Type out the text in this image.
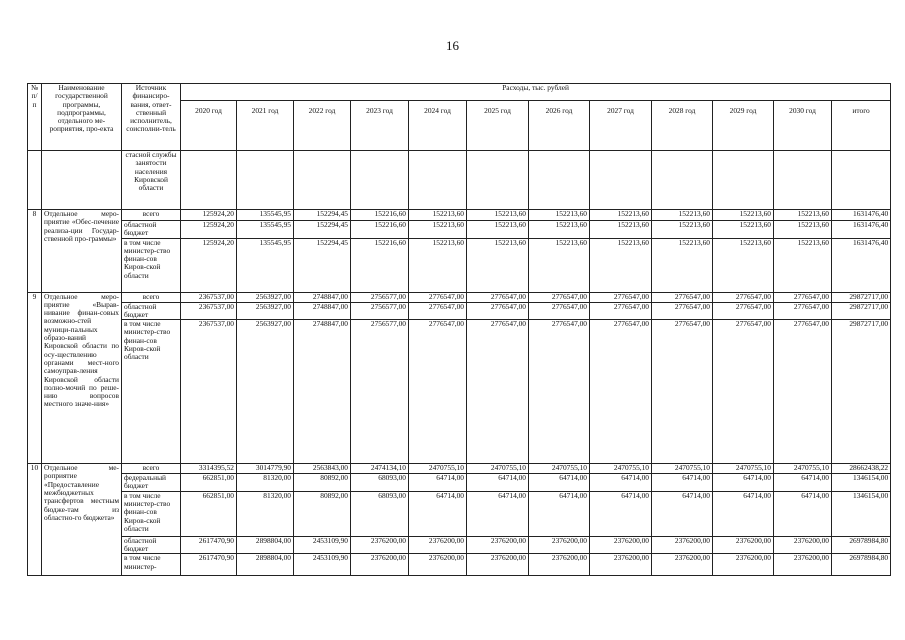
16
№ п/п	Наименование государственной программы, подпрограммы, отдельного ме-роприятия, про-екта	Источник финансиро-вания, ответ-ственный исполнитель, соисполни-тель	Расходы, тыс. рублей											
			2020 год	2021 год	2022 год	2023 год	2024 год	2025 год	2026 год	2027 год	2028 год	2029 год	2030 год	итого
		стасной службы занятости населения Кировской области												
8	Отдельное меро-приятие «Обес-печение реализа-ции Государ-ственной про-граммы»	всего	125924,20	135545,95	152294,45	152216,60	152213,60	152213,60	152213,60	152213,60	152213,60	152213,60	152213,60	1631476,40
		областной бюджет	125924,20	135545,95	152294,45	152216,60	152213,60	152213,60	152213,60	152213,60	152213,60	152213,60	152213,60	1631476,40
		в том числе министер-ство финан-сов Киров-ской области	125924,20	135545,95	152294,45	152216,60	152213,60	152213,60	152213,60	152213,60	152213,60	152213,60	152213,60	1631476,40
9	Отдельное меро-приятие «Вырав-нивание финан-совых возможно-стей муници-пальных образо-ваний Кировской области по осу-ществлению органами мест-ного самоуправ-ления Кировской области полно-мочий по реше-нию вопросов местного значе-ния»	всего	2367537,00	2563927,00	2748847,00	2756577,00	2776547,00	2776547,00	2776547,00	2776547,00	2776547,00	2776547,00	2776547,00	29872717,00
		областной бюджет	2367537,00	2563927,00	2748847,00	2756577,00	2776547,00	2776547,00	2776547,00	2776547,00	2776547,00	2776547,00	2776547,00	29872717,00
		в том числе министер-ство финан-сов Киров-ской области	2367537,00	2563927,00	2748847,00	2756577,00	2776547,00	2776547,00	2776547,00	2776547,00	2776547,00	2776547,00	2776547,00	29872717,00
10	Отдельное ме-роприятие «Предоставление межбюджетных трансфертов местным бюдже-там из областно-го бюджета»	всего	3314395,52	3014779,90	2563843,00	2474134,10	2470755,10	2470755,10	2470755,10	2470755,10	2470755,10	2470755,10	2470755,10	28662438,22
		федеральный бюджет	662851,00	81320,00	80892,00	68093,00	64714,00	64714,00	64714,00	64714,00	64714,00	64714,00	64714,00	1346154,00
		в том числе министер-ство финан-сов Киров-ской области	662851,00	81320,00	80892,00	68093,00	64714,00	64714,00	64714,00	64714,00	64714,00	64714,00	64714,00	1346154,00
		областной бюджет	2617470,90	2898804,00	2453109,90	2376200,00	2376200,00	2376200,00	2376200,00	2376200,00	2376200,00	2376200,00	2376200,00	26978984,80
		в том числе министер-	2617470,90	2898804,00	2453109,90	2376200,00	2376200,00	2376200,00	2376200,00	2376200,00	2376200,00	2376200,00	2376200,00	26978984,80
